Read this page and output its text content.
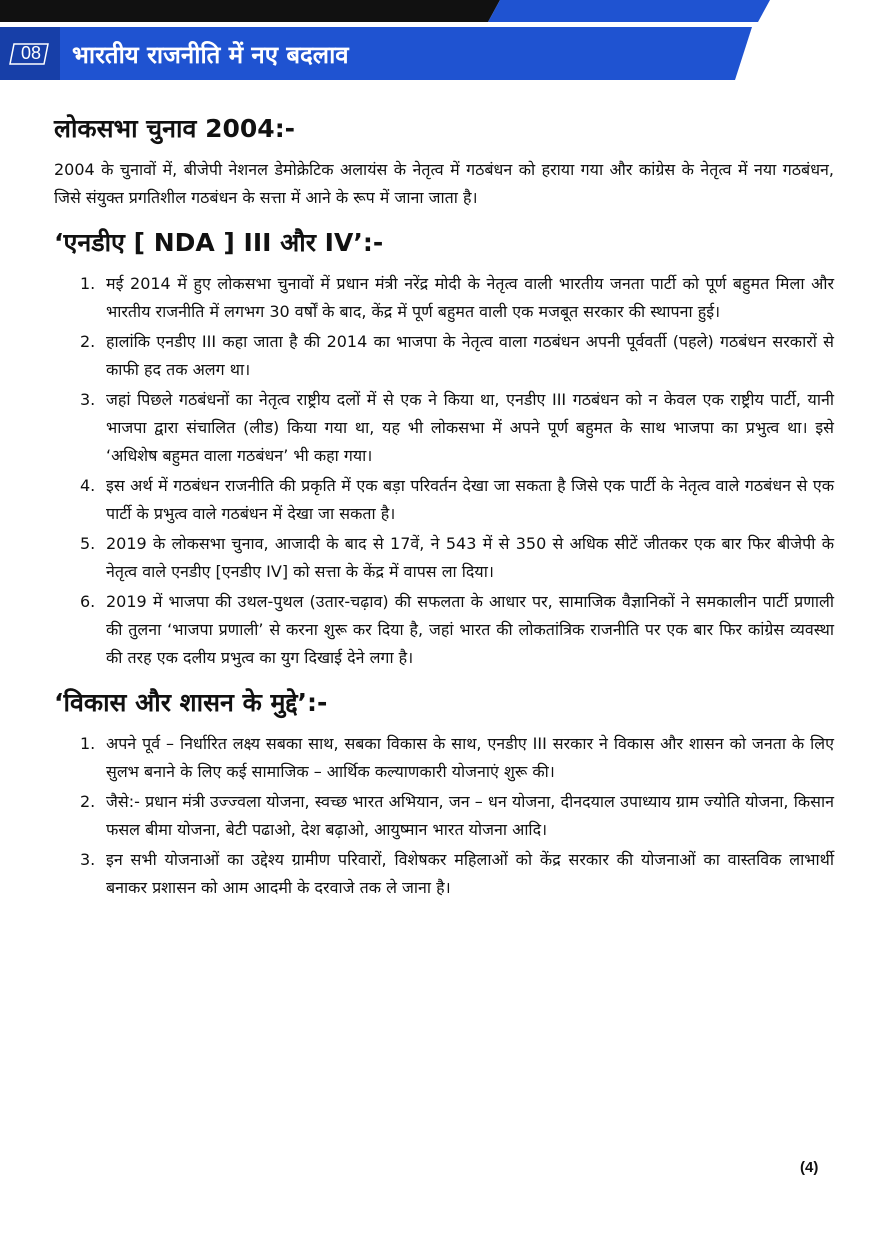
08 भारतीय राजनीति में नए बदलाव
लोकसभा चुनाव 2004:-

2004 के चुनावों में, बीजेपी नेशनल डेमोक्रेटिक अलायंस के नेतृत्व में गठबंधन को हराया गया और कांग्रेस के नेतृत्व में नया गठबंधन, जिसे संयुक्त प्रगतिशील गठबंधन के सत्ता में आने के रूप में जाना जाता है।

‘एनडीए [ NDA ] III और IV’:-
1. मई 2014 में हुए लोकसभा चुनावों में प्रधान मंत्री नरेंद्र मोदी के नेतृत्व वाली भारतीय जनता पार्टी को पूर्ण बहुमत मिला और भारतीय राजनीति में लगभग 30 वर्षों के बाद, केंद्र में पूर्ण बहुमत वाली एक मजबूत सरकार की स्थापना हुई।
2. हालांकि एनडीए III कहा जाता है की 2014 का भाजपा के नेतृत्व वाला गठबंधन अपनी पूर्ववर्ती (पहले) गठबंधन सरकारों से काफी हद तक अलग था।
3. जहां पिछले गठबंधनों का नेतृत्व राष्ट्रीय दलों में से एक ने किया था, एनडीए III गठबंधन को न केवल एक राष्ट्रीय पार्टी, यानी भाजपा द्वारा संचालित (लीड) किया गया था, यह भी लोकसभा में अपने पूर्ण बहुमत के साथ भाजपा का प्रभुत्व था। इसे ‘अधिशेष बहुमत वाला गठबंधन’ भी कहा गया।
4. इस अर्थ में गठबंधन राजनीति की प्रकृति में एक बड़ा परिवर्तन देखा जा सकता है जिसे एक पार्टी के नेतृत्व वाले गठबंधन से एक पार्टी के प्रभुत्व वाले गठबंधन में देखा जा सकता है।
5. 2019 के लोकसभा चुनाव, आजादी के बाद से 17वें, ने 543 में से 350 से अधिक सीटें जीतकर एक बार फिर बीजेपी के नेतृत्व वाले एनडीए [एनडीए IV] को सत्ता के केंद्र में वापस ला दिया।
6. 2019 में भाजपा की उथल-पुथल (उतार-चढ़ाव) की सफलता के आधार पर, सामाजिक वैज्ञानिकों ने समकालीन पार्टी प्रणाली की तुलना ‘भाजपा प्रणाली’ से करना शुरू कर दिया है, जहां भारत की लोकतांत्रिक राजनीति पर एक बार फिर कांग्रेस व्यवस्था की तरह एक दलीय प्रभुत्व का युग दिखाई देने लगा है।
‘विकास और शासन के मुद्दे’:-
1. अपने पूर्व – निर्धारित लक्ष्य सबका साथ, सबका विकास के साथ, एनडीए III सरकार ने विकास और शासन को जनता के लिए सुलभ बनाने के लिए कई सामाजिक – आर्थिक कल्याणकारी योजनाएं शुरू की।
2. जैसे:- प्रधान मंत्री उज्ज्वला योजना, स्वच्छ भारत अभियान, जन – धन योजना, दीनदयाल उपाध्याय ग्राम ज्योति योजना, किसान फसल बीमा योजना, बेटी पढाओ, देश बढ़ाओ, आयुष्मान भारत योजना आदि।
3. इन सभी योजनाओं का उद्देश्य ग्रामीण परिवारों, विशेषकर महिलाओं को केंद्र सरकार की योजनाओं का वास्तविक लाभार्थी बनाकर प्रशासन को आम आदमी के दरवाजे तक ले जाना है।
(4)
